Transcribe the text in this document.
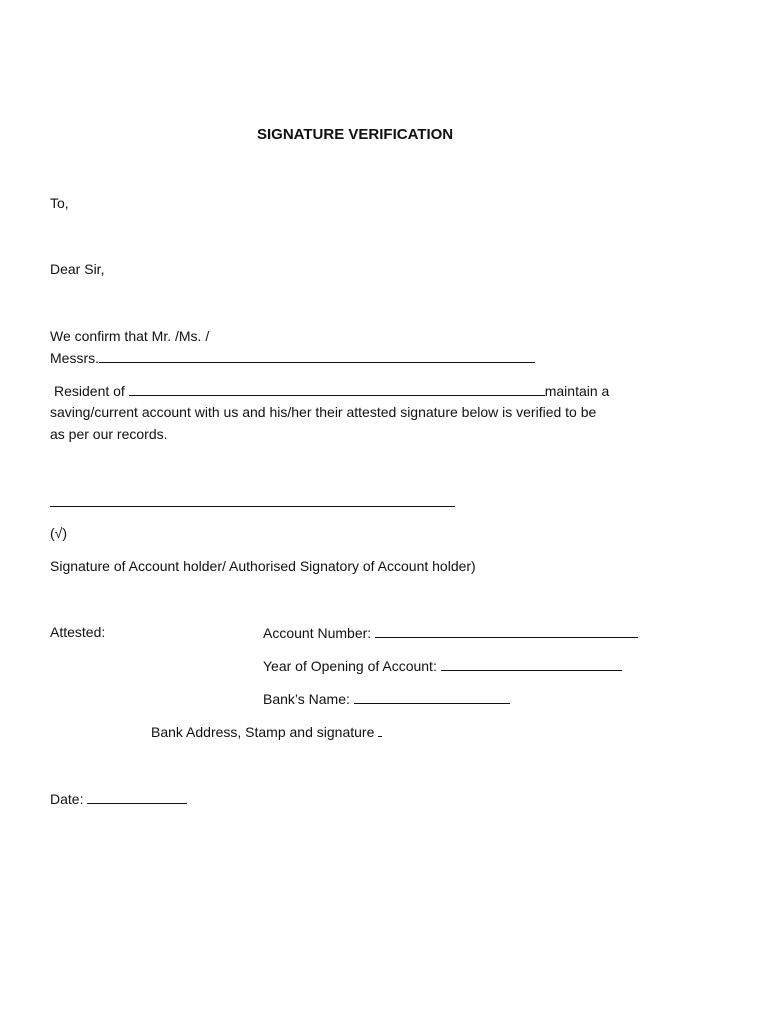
SIGNATURE VERIFICATION
To,
Dear Sir,
We confirm that Mr. /Ms. /
Messrs.
Resident of	maintain a
saving/current account with us and his/her their attested signature below is verified to be
as per our records.
(√)
Signature of Account holder/ Authorised Signatory of Account holder)
Attested:	Account Number:
Year of Opening of Account:
Bank’s Name:
Bank Address, Stamp and signature
Date:
